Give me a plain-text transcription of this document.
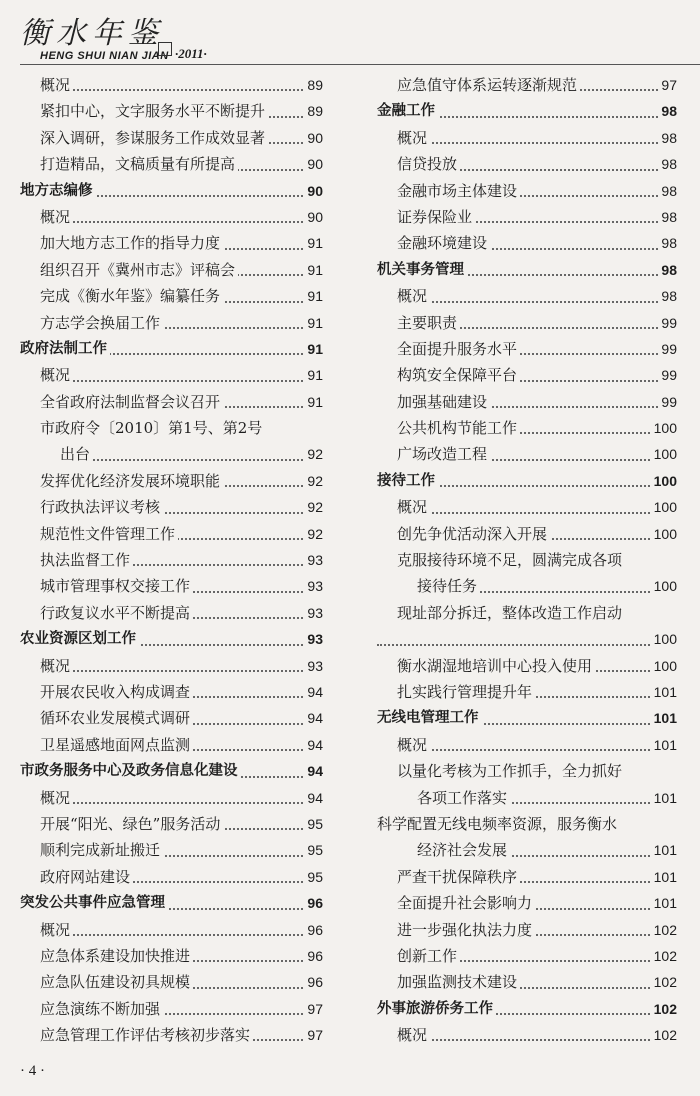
衡水年鉴
HENG SHUI NIAN JIAN ·2011·
概况	89
紧扣中心，文字服务水平不断提升	89
深入调研，参谋服务工作成效显著	90
打造精品，文稿质量有所提高	90
地方志编修	90
概况	90
加大地方志工作的指导力度	91
组织召开《冀州市志》评稿会	91
完成《衡水年鉴》编纂任务	91
方志学会换届工作	91
政府法制工作	91
概况	91
全省政府法制监督会议召开	91
市政府令〔2010〕第1号、第2号
出台	92
发挥优化经济发展环境职能	92
行政执法评议考核	92
规范性文件管理工作	92
执法监督工作	93
城市管理事权交接工作	93
行政复议水平不断提高	93
农业资源区划工作	93
概况	93
开展农民收入构成调查	94
循环农业发展模式调研	94
卫星遥感地面网点监测	94
市政务服务中心及政务信息化建设	94
概况	94
开展“阳光、绿色”服务活动	95
顺利完成新址搬迁	95
政府网站建设	95
突发公共事件应急管理	96
概况	96
应急体系建设加快推进	96
应急队伍建设初具规模	96
应急演练不断加强	97
应急管理工作评估考核初步落实	97
应急值守体系运转逐渐规范	97
金融工作	98
概况	98
信贷投放	98
金融市场主体建设	98
证券保险业	98
金融环境建设	98
机关事务管理	98
概况	98
主要职责	99
全面提升服务水平	99
构筑安全保障平台	99
加强基础建设	99
公共机构节能工作	100
广场改造工程	100
接待工作	100
概况	100
创先争优活动深入开展	100
克服接待环境不足，圆满完成各项
接待任务	100
现址部分拆迁，整体改造工作启动
100
衡水湖湿地培训中心投入使用	100
扎实践行管理提升年	101
无线电管理工作	101
概况	101
以量化考核为工作抓手，全力抓好
各项工作落实	101
科学配置无线电频率资源，服务衡水
经济社会发展	101
严查干扰保障秩序	101
全面提升社会影响力	101
进一步强化执法力度	102
创新工作	102
加强监测技术建设	102
外事旅游侨务工作	102
概况	102
· 4 ·
